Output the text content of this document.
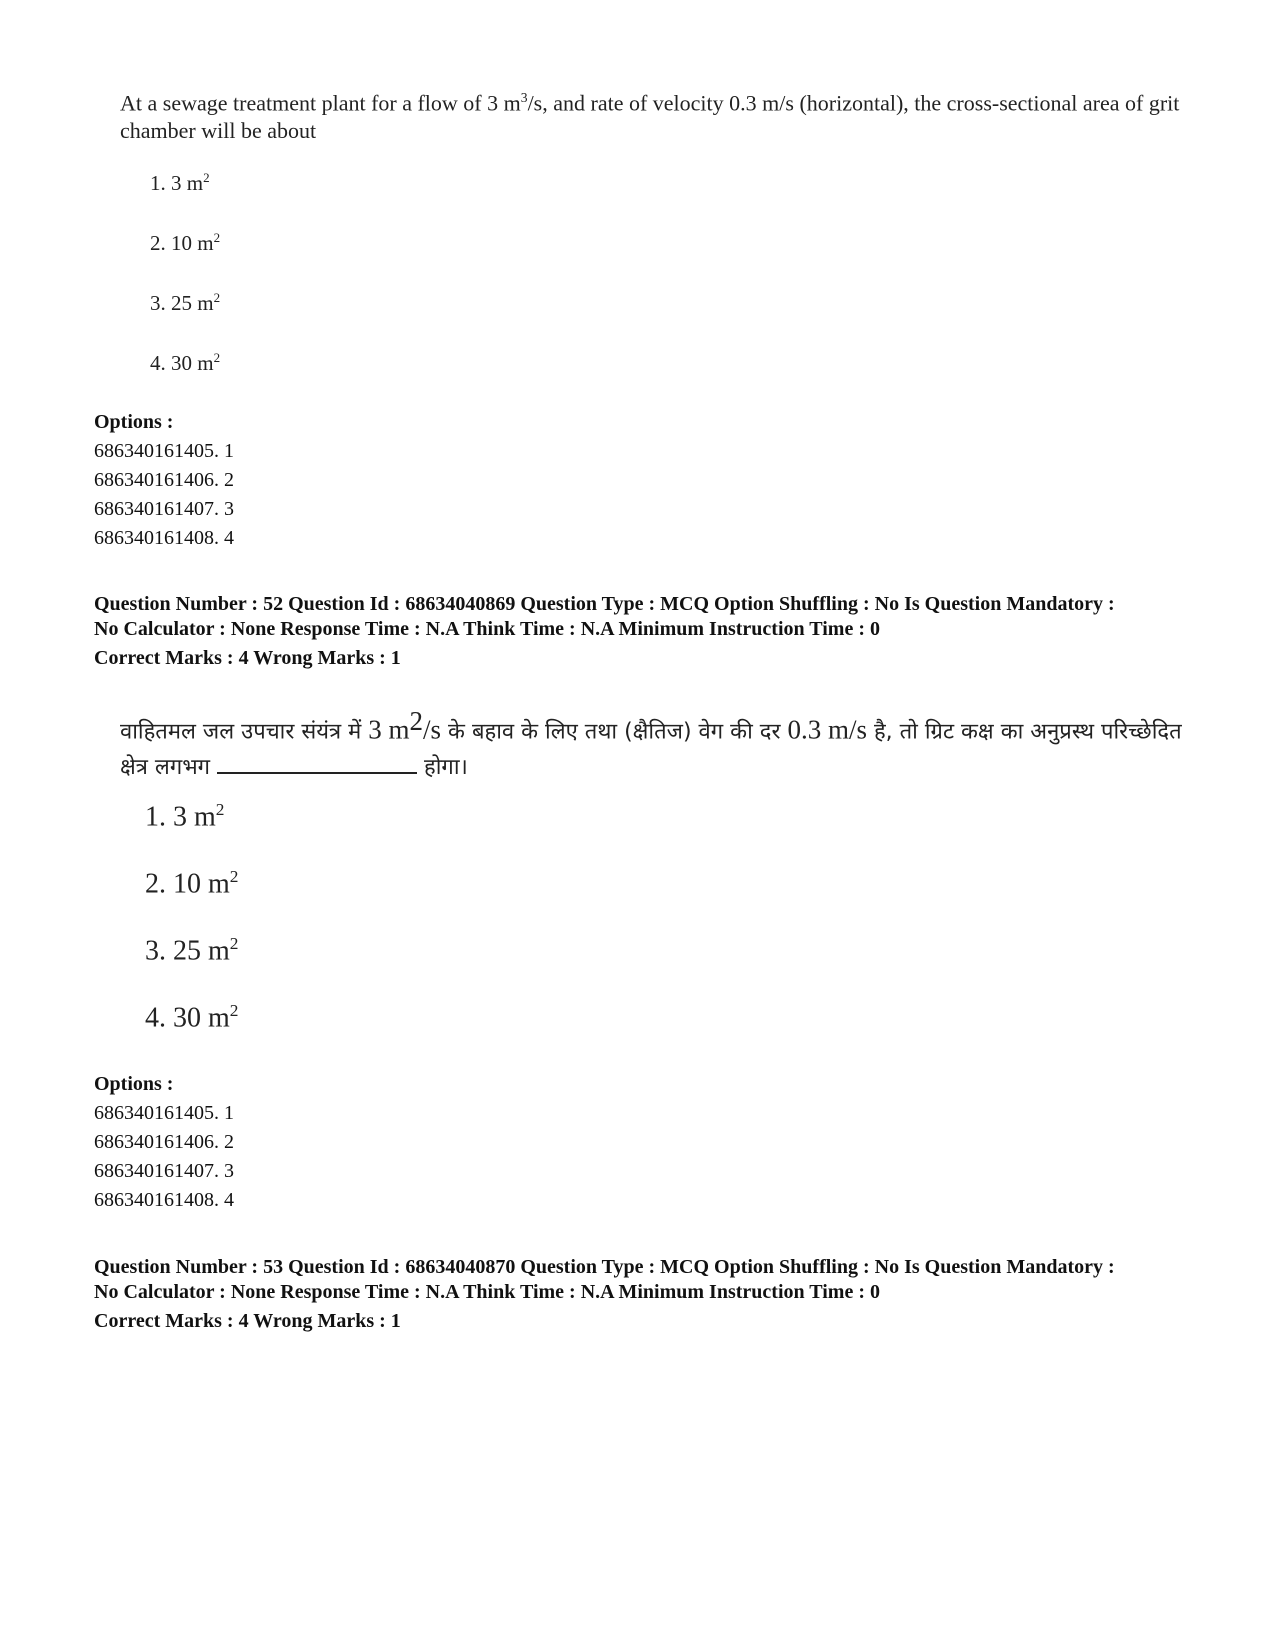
At a sewage treatment plant for a flow of 3 $m^3/s$, and rate of velocity 0.3 m/s (horizontal), the cross-sectional area of grit chamber will be about
1. 3 $m^2$
2. 10 $m^2$
3. 25 $m^2$
4. 30 $m^2$
Options :
686340161405. 1
686340161406. 2
686340161407. 3
686340161408. 4

Question Number : 52 Question Id : 68634040869 Question Type : MCQ Option Shuffling : No Is Question Mandatory :

No Calculator : None Response Time : N.A Think Time : N.A Minimum Instruction Time : 0

Correct Marks : 4 Wrong Marks : 1

वाहितमल जल उपचार संयंत्र में 3 $m^2/s$ के बहाव के लिए तथा (क्षैतिज) वेग की दर 0.3 m/s है, तो ग्रिट कक्ष का अनुप्रस्थ परिच्छेदित क्षेत्र लगभग	होगा।
1. 3 $m^2$
2. 10 $m^2$
3. 25 $m^2$
4. 30 $m^2$
Options :
686340161405. 1
686340161406. 2
686340161407. 3
686340161408. 4

Question Number : 53 Question Id : 68634040870 Question Type : MCQ Option Shuffling : No Is Question Mandatory :

No Calculator : None Response Time : N.A Think Time : N.A Minimum Instruction Time : 0

Correct Marks : 4 Wrong Marks : 1
